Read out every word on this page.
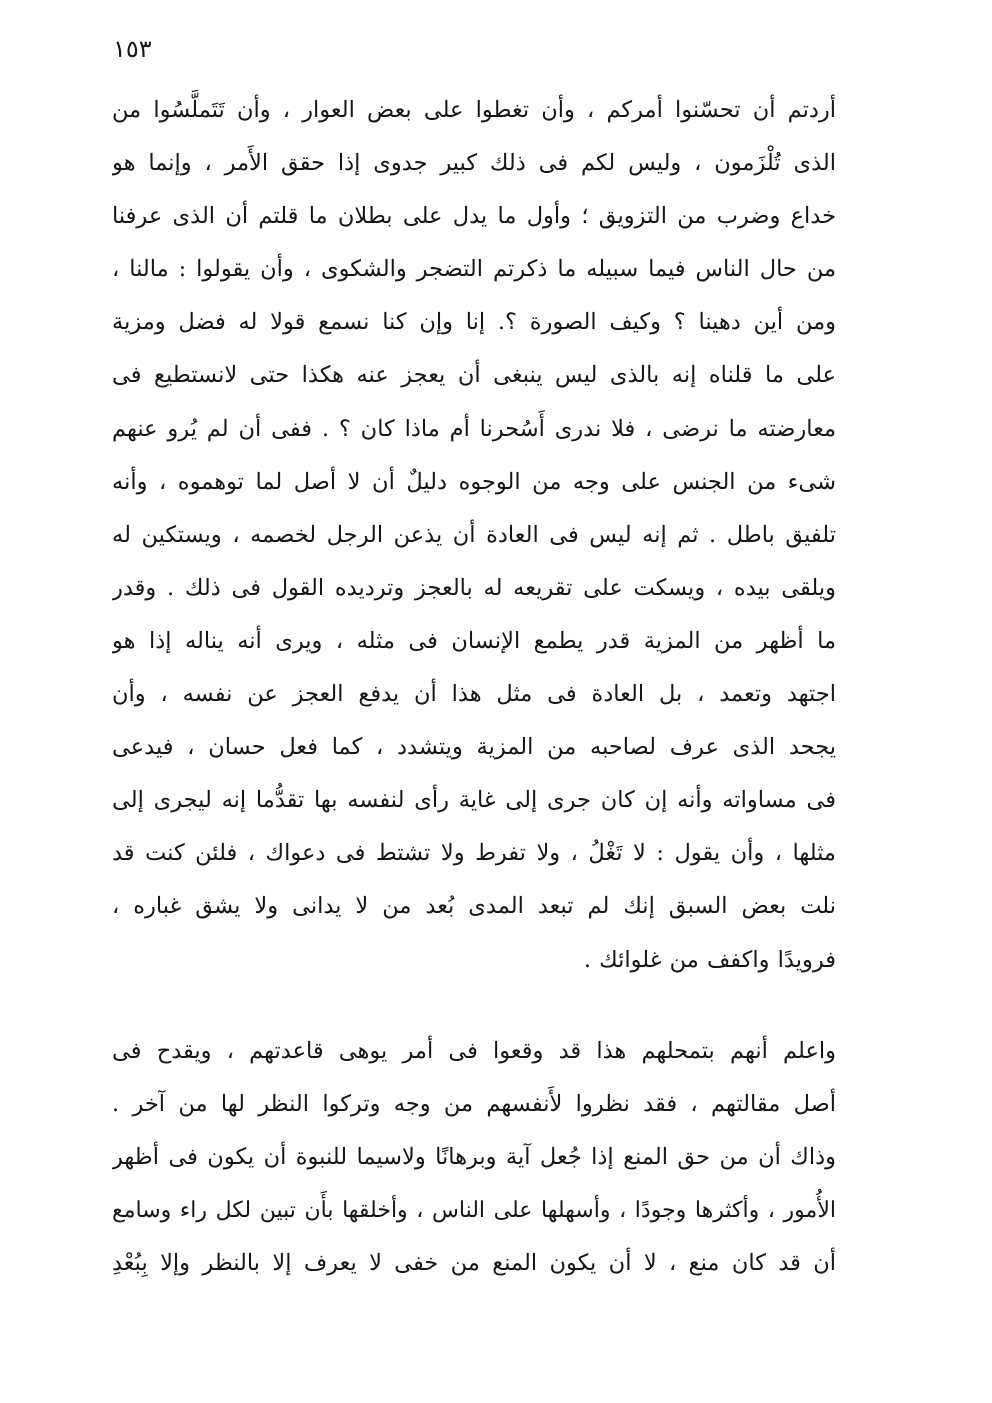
١٥٣
أردتم أن تحسّنوا أمركم ، وأن تغطوا على بعض العوار ، وأن تَتَملَّسُوا من
الذى تُلْزَمون ، وليس لكم فى ذلك كبير جدوى إذا حقق الأَمر ، وإنما هو
خداع وضرب من التزويق ؛ وأول ما يدل على بطلان ما قلتم أن الذى عرفنا
من حال الناس فيما سبيله ما ذكرتم التضجر والشكوى ، وأن يقولوا : مالنا ،
ومن أين دهينا ؟ وكيف الصورة ؟. إنا وإن كنا نسمع قولا له فضل ومزية
على ما قلناه إنه بالذى ليس ينبغى أن يعجز عنه هكذا حتى لانستطيع فى
معارضته ما نرضى ، فلا ندرى أَسُحرنا أم ماذا كان ؟ . ففى أن لم يُرو عنهم
شىء من الجنس على وجه من الوجوه دليلٌ أن لا أصل لما توهموه ، وأنه
تلفيق باطل . ثم إنه ليس فى العادة أن يذعن الرجل لخصمه ، ويستكين له
ويلقى بيده ، ويسكت على تقريعه له بالعجز وترديده القول فى ذلك . وقدر
ما أظهر من المزية قدر يطمع الإنسان فى مثله ، ويرى أنه يناله إذا هو
اجتهد وتعمد ، بل العادة فى مثل هذا أن يدفع العجز عن نفسه ، وأن
يجحد الذى عرف لصاحبه من المزية ويتشدد ، كما فعل حسان ، فيدعى
فى مساواته وأنه إن كان جرى إلى غاية رأى لنفسه بها تقدُّما إنه ليجرى إلى
مثلها ، وأن يقول : لا تَغْلُ ، ولا تفرط ولا تشتط فى دعواك ، فلئن كنت قد
نلت بعض السبق إنك لم تبعد المدى بُعد من لا يدانى ولا يشق غباره ،
فرويدًا واكفف من غلوائك .
واعلم أنهم بتمحلهم هذا قد وقعوا فى أمر يوهى قاعدتهم ، ويقدح فى
أصل مقالتهم ، فقد نظروا لأَنفسهم من وجه وتركوا النظر لها من آخر .
وذاك أن من حق المنع إذا جُعل آية وبرهانًا ولاسيما للنبوة أن يكون فى أظهر
الأُمور ، وأكثرها وجودًا ، وأسهلها على الناس ، وأخلقها بأَن تبين لكل راء وسامع
أن قد كان منع ، لا أن يكون المنع من خفى لا يعرف إلا بالنظر وإلا بِبُعْدِ
